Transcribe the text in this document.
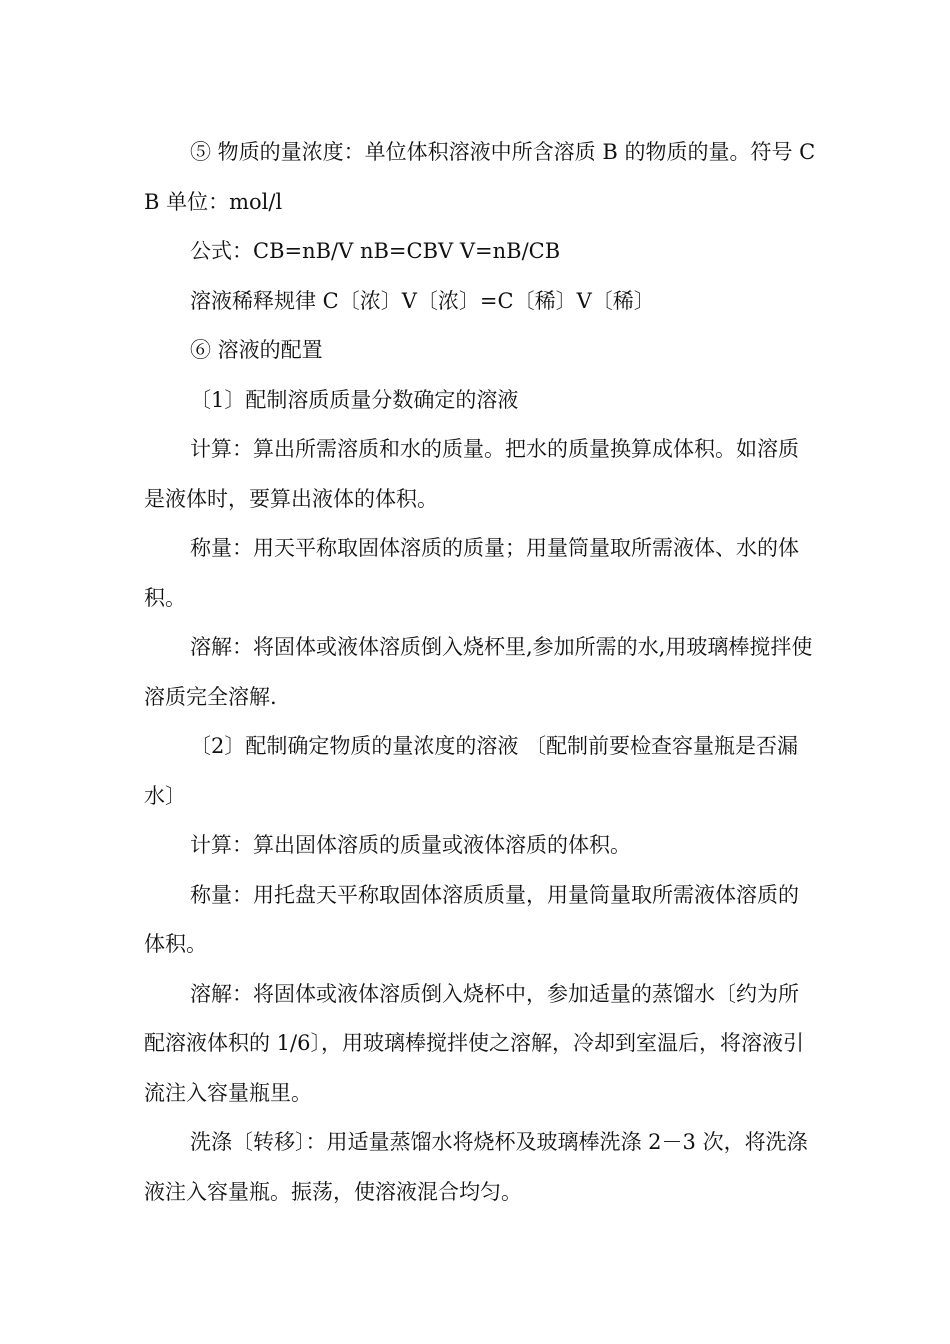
⑤ 物质的量浓度：单位体积溶液中所含溶质 B 的物质的量。符号 CB 单位：mol/l

公式：CB=nB/V nB=CBV V=nB/CB

溶液稀释规律 C〔浓〕V〔浓〕=C〔稀〕V〔稀〕

⑥ 溶液的配置

〔1〕配制溶质质量分数确定的溶液

计算：算出所需溶质和水的质量。把水的质量换算成体积。如溶质是液体时，要算出液体的体积。

称量：用天平称取固体溶质的质量；用量筒量取所需液体、水的体积。

溶解：将固体或液体溶质倒入烧杯里,参加所需的水,用玻璃棒搅拌使溶质完全溶解.

〔2〕配制确定物质的量浓度的溶液 〔配制前要检查容量瓶是否漏水〕

计算：算出固体溶质的质量或液体溶质的体积。

称量：用托盘天平称取固体溶质质量，用量筒量取所需液体溶质的体积。

溶解：将固体或液体溶质倒入烧杯中，参加适量的蒸馏水〔约为所配溶液体积的 1/6〕，用玻璃棒搅拌使之溶解，冷却到室温后，将溶液引流注入容量瓶里。

洗涤〔转移〕：用适量蒸馏水将烧杯及玻璃棒洗涤 2－3 次，将洗涤液注入容量瓶。振荡，使溶液混合均匀。
